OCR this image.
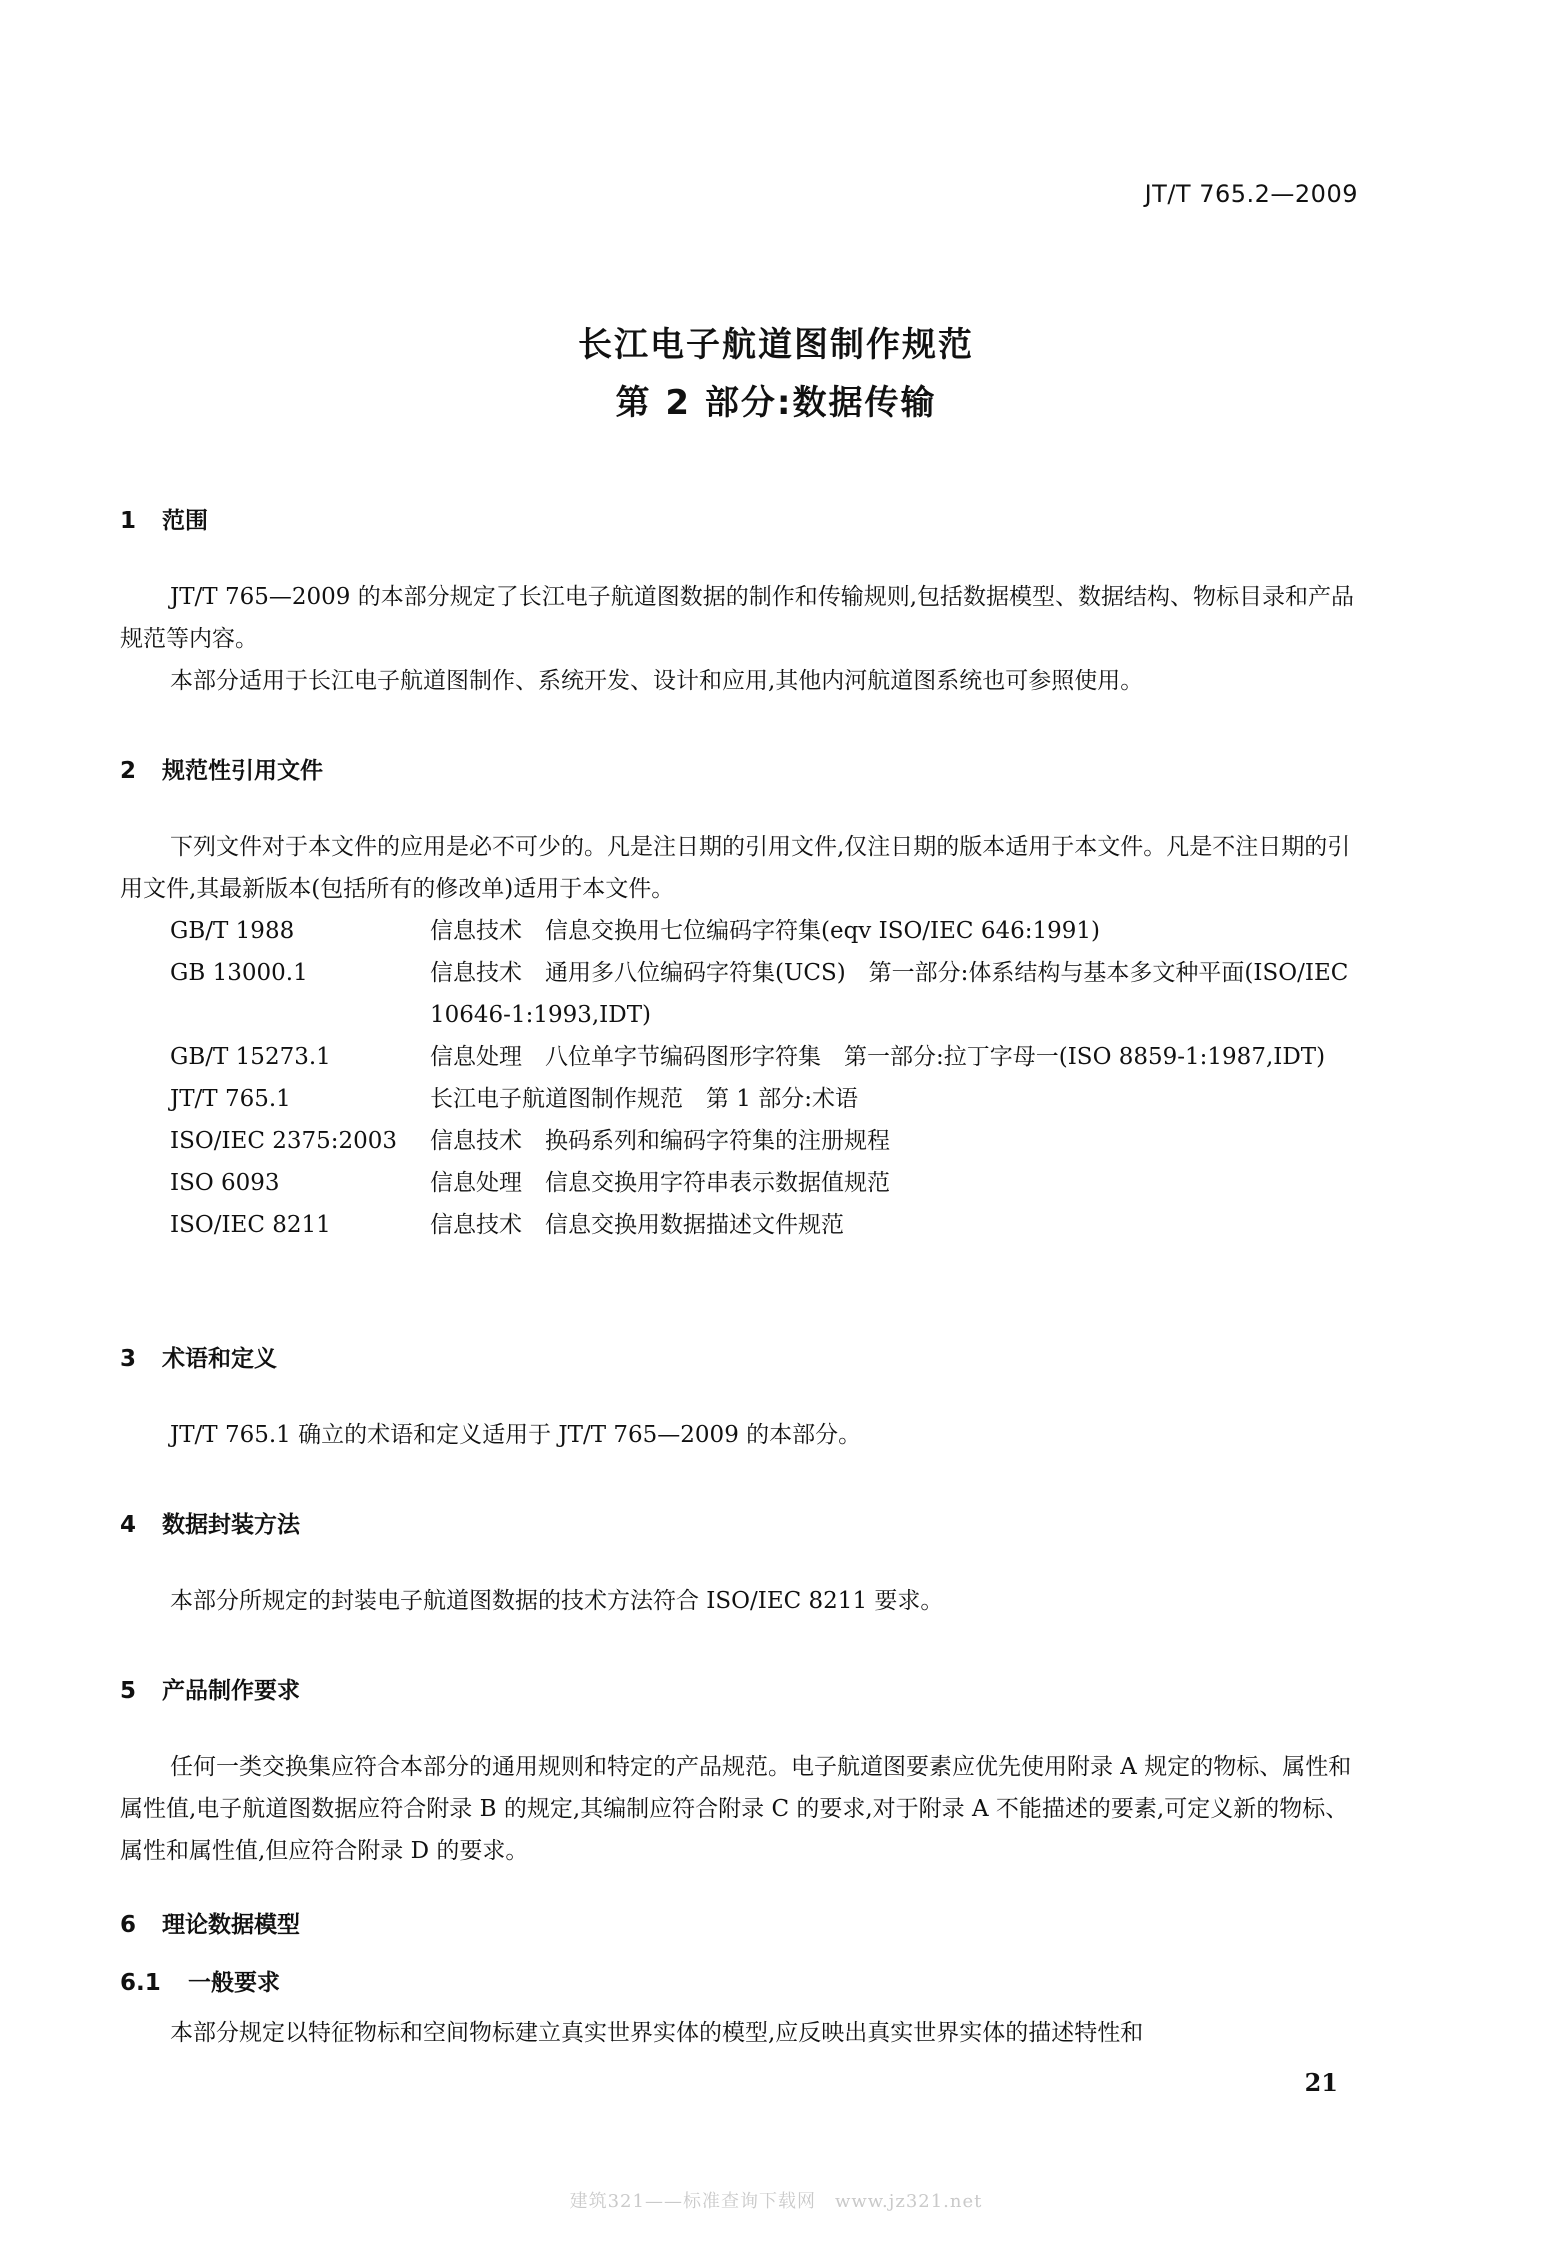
JT/T 765.2—2009
长江电子航道图制作规范
第 2 部分:数据传输
1 范围
JT/T 765—2009 的本部分规定了长江电子航道图数据的制作和传输规则,包括数据模型、数据结构、物标目录和产品规范等内容。
本部分适用于长江电子航道图制作、系统开发、设计和应用,其他内河航道图系统也可参照使用。
2 规范性引用文件
下列文件对于本文件的应用是必不可少的。凡是注日期的引用文件,仅注日期的版本适用于本文件。凡是不注日期的引用文件,其最新版本(包括所有的修改单)适用于本文件。
GB/T 1988	信息技术　信息交换用七位编码字符集(eqv ISO/IEC 646:1991)
GB 13000.1	信息技术　通用多八位编码字符集(UCS)　第一部分:体系结构与基本多文种平面(ISO/IEC 10646-1:1993,IDT)
GB/T 15273.1	信息处理　八位单字节编码图形字符集　第一部分:拉丁字母一(ISO 8859-1:1987,IDT)
JT/T 765.1	长江电子航道图制作规范　第 1 部分:术语
ISO/IEC 2375:2003	信息技术　换码系列和编码字符集的注册规程
ISO 6093	信息处理　信息交换用字符串表示数据值规范
ISO/IEC 8211	信息技术　信息交换用数据描述文件规范
3 术语和定义
JT/T 765.1 确立的术语和定义适用于 JT/T 765—2009 的本部分。
4 数据封装方法
本部分所规定的封装电子航道图数据的技术方法符合 ISO/IEC 8211 要求。
5 产品制作要求
任何一类交换集应符合本部分的通用规则和特定的产品规范。电子航道图要素应优先使用附录 A 规定的物标、属性和属性值,电子航道图数据应符合附录 B 的规定,其编制应符合附录 C 的要求,对于附录 A 不能描述的要素,可定义新的物标、属性和属性值,但应符合附录 D 的要求。
6 理论数据模型
6.1 一般要求
本部分规定以特征物标和空间物标建立真实世界实体的模型,应反映出真实世界实体的描述特性和
21
建筑321——标准查询下载网　www.jz321.net
